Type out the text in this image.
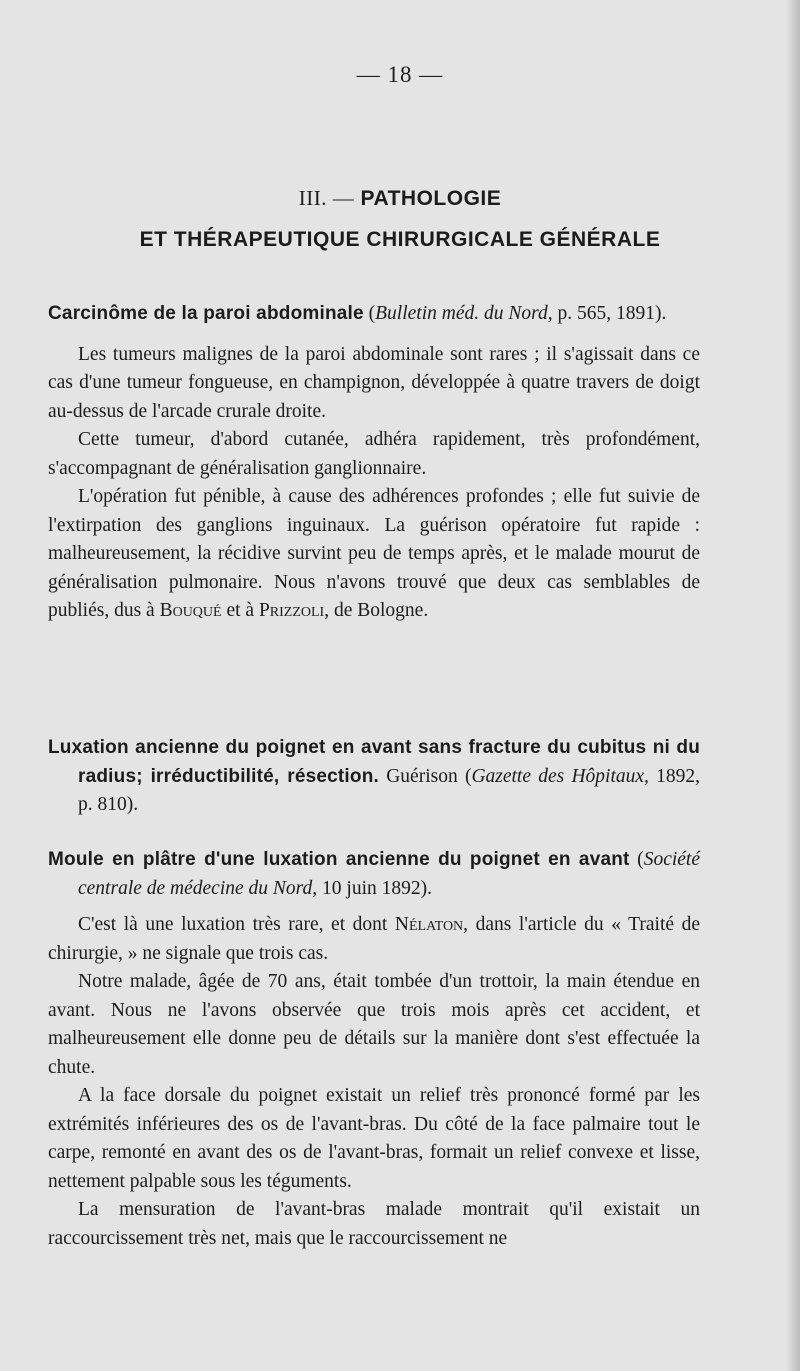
— 18 —
III. — PATHOLOGIE
ET THÉRAPEUTIQUE CHIRURGICALE GÉNÉRALE

Carcinôme de la paroi abdominale (Bulletin méd. du Nord, p. 565, 1891).

Les tumeurs malignes de la paroi abdominale sont rares ; il s'agissait dans ce cas d'une tumeur fongueuse, en champignon, développée à quatre travers de doigt au-dessus de l'arcade crurale droite.

Cette tumeur, d'abord cutanée, adhéra rapidement, très profondément, s'accompagnant de généralisation ganglionnaire.

L'opération fut pénible, à cause des adhérences profondes ; elle fut suivie de l'extirpation des ganglions inguinaux. La guérison opératoire fut rapide : malheureusement, la récidive survint peu de temps après, et le malade mourut de généralisation pulmonaire. Nous n'avons trouvé que deux cas semblables de publiés, dus à Bouqué et à Prizzoli, de Bologne.

Luxation ancienne du poignet en avant sans fracture du cubitus ni du radius; irréductibilité, résection. Guérison (Gazette des Hôpitaux, 1892, p. 810).

Moule en plâtre d'une luxation ancienne du poignet en avant (Société centrale de médecine du Nord, 10 juin 1892).

C'est là une luxation très rare, et dont Nélaton, dans l'article du « Traité de chirurgie, » ne signale que trois cas.

Notre malade, âgée de 70 ans, était tombée d'un trottoir, la main étendue en avant. Nous ne l'avons observée que trois mois après cet accident, et malheureusement elle donne peu de détails sur la manière dont s'est effectuée la chute.

A la face dorsale du poignet existait un relief très prononcé formé par les extrémités inférieures des os de l'avant-bras. Du côté de la face palmaire tout le carpe, remonté en avant des os de l'avant-bras, formait un relief convexe et lisse, nettement palpable sous les téguments.

La mensuration de l'avant-bras malade montrait qu'il existait un raccourcissement très net, mais que le raccourcissement ne
